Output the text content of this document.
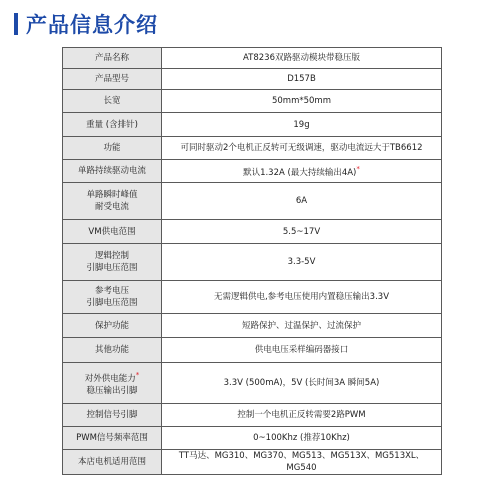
产品信息介绍
产品名称	AT8236双路驱动模块带稳压版
产品型号	D157B
长宽	50mm*50mm
重量 (含排针)	19g
功能	可同时驱动2个电机正反转可无级调速，驱动电流远大于TB6612
单路持续驱动电流	默认1.32A (最大持续输出4A)*
单路瞬时峰值
耐受电流	6A
VM供电范围	5.5~17V
逻辑控制
引脚电压范围	3.3-5V
参考电压
引脚电压范围	无需逻辑供电,参考电压使用内置稳压输出3.3V
保护功能	短路保护、过温保护、过流保护
其他功能	供电电压采样编码器接口
对外供电能力*
稳压输出引脚	3.3V (500mA)，5V (长时间3A 瞬间5A)
控制信号引脚	控制一个电机正反转需要2路PWM
PWM信号频率范围	0~100Khz (推荐10Khz)
本店电机适用范围	TT马达、MG310、MG370、MG513、MG513X、MG513XL、MG540
